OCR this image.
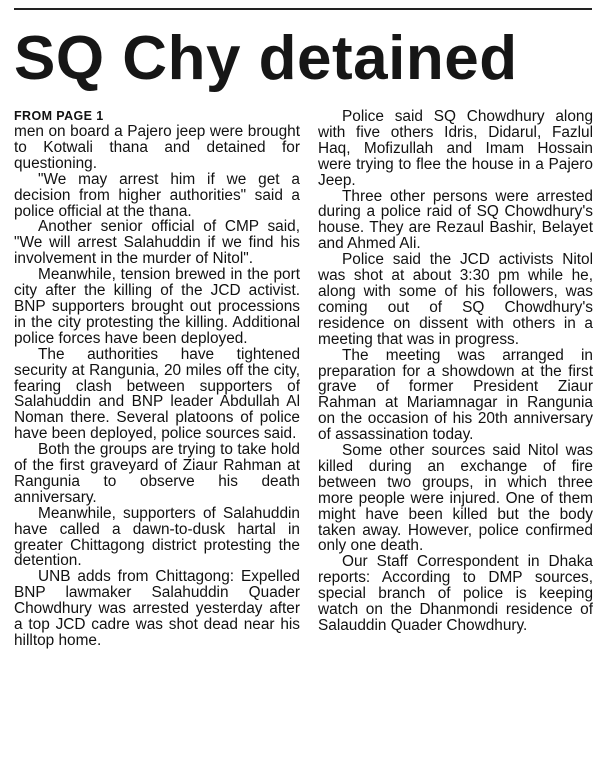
SQ Chy detained
FROM PAGE 1

men on board a Pajero jeep were brought to Kotwali thana and detained for questioning.

"We may arrest him if we get a decision from higher authorities" said a police official at the thana.

Another senior official of CMP said, "We will arrest Salahuddin if we find his involvement in the murder of Nitol".

Meanwhile, tension brewed in the port city after the killing of the JCD activist. BNP supporters brought out processions in the city protesting the killing. Additional police forces have been deployed.

The authorities have tightened security at Rangunia, 20 miles off the city, fearing clash between supporters of Salahuddin and BNP leader Abdullah Al Noman there. Several platoons of police have been deployed, police sources said.

Both the groups are trying to take hold of the first graveyard of Ziaur Rahman at Rangunia to observe his death anniversary.

Meanwhile, supporters of Salahuddin have called a dawn-to-dusk hartal in greater Chittagong district protesting the detention.

UNB adds from Chittagong: Expelled BNP lawmaker Salahuddin Quader Chowdhury was arrested yesterday after a top JCD cadre was shot dead near his hilltop home.

Police said SQ Chowdhury along with five others Idris, Didarul, Fazlul Haq, Mofizullah and Imam Hossain were trying to flee the house in a Pajero Jeep.

Three other persons were arrested during a police raid of SQ Chowdhury's house. They are Rezaul Bashir, Belayet and Ahmed Ali.

Police said the JCD activists Nitol was shot at about 3:30 pm while he, along with some of his followers, was coming out of SQ Chowdhury's residence on dissent with others in a meeting that was in progress.

The meeting was arranged in preparation for a showdown at the first grave of former President Ziaur Rahman at Mariamnagar in Rangunia on the occasion of his 20th anniversary of assassination today.

Some other sources said Nitol was killed during an exchange of fire between two groups, in which three more people were injured. One of them might have been killed but the body taken away. However, police confirmed only one death.

Our Staff Correspondent in Dhaka reports: According to DMP sources, special branch of police is keeping watch on the Dhanmondi residence of Salauddin Quader Chowdhury.
